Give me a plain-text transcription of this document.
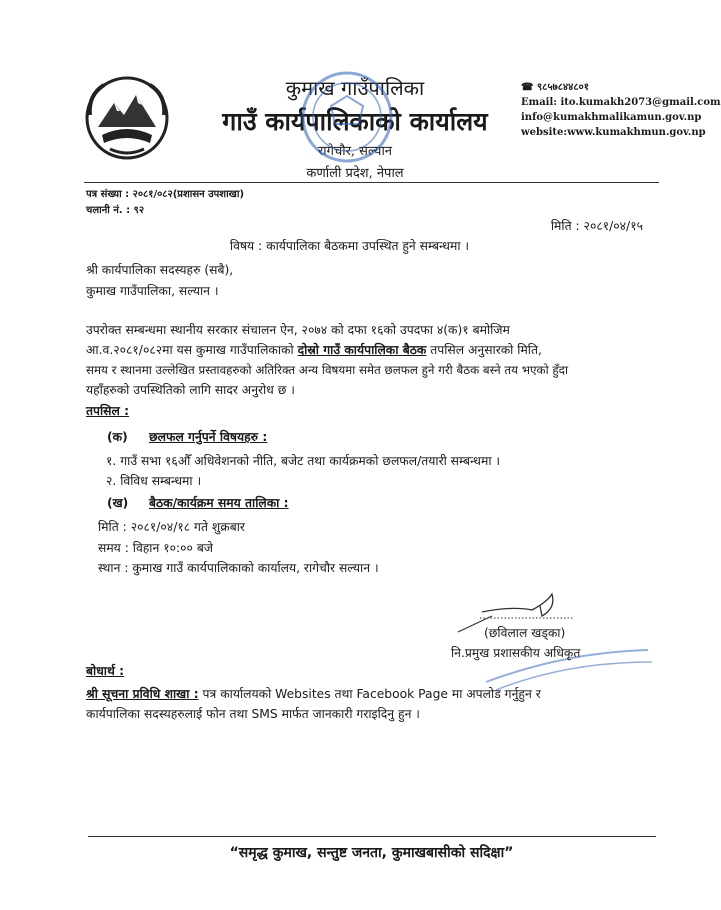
कुमाख गाउँपालिका
गाउँ कार्यपालिकाको कार्यालय
रागेचौर, सल्यान
कर्णाली प्रदेश, नेपाल
☎ ९८५७८४४८०१
Email: ito.kumakh2073@gmail.com
info@kumakhmalikamun.gov.np
website:www.kumakhmun.gov.np
पत्र संख्या : २०८१/०८२(प्रशासन उपशाखा)
चलानी नं. : ९२
मिति : २०८१/०४/१५
विषय : कार्यपालिका बैठकमा उपस्थित हुने सम्बन्धमा ।
श्री कार्यपालिका सदस्यहरु (सबै),
कुमाख गाउँपालिका, सल्यान ।
उपरोक्त सम्बन्धमा स्थानीय सरकार संचालन ऐन, २०७४ को दफा १६को उपदफा ४(क)१ बमोजिम
आ.व.२०८१/०८२मा यस कुमाख गाउँपालिकाको दोस्रो गाउँ कार्यपालिका बैठक तपसिल अनुसारको मिति,
समय र स्थानमा उल्लेखित प्रस्तावहरुको अतिरिक्त अन्य विषयमा समेत छलफल हुने गरी बैठक बस्ने तय भएको हुँदा
यहाँहरुको उपस्थितिको लागि सादर अनुरोध छ ।
तपसिल :
(क) छलफल गर्नुपर्ने विषयहरु :
१. गाउँ सभा १६औँ अधिवेशनको नीति, बजेट तथा कार्यक्रमको छलफल/तयारी सम्बन्धमा ।
२. विविध सम्बन्धमा ।
(ख) बैठक/कार्यक्रम समय तालिका :
मिति : २०८१/०४/१८ गते शुक्रबार
समय : विहान १०:०० बजे
स्थान : कुमाख गाउँ कार्यपालिकाको कार्यालय, रागेचौर सल्यान ।
(छविलाल खड्का)
नि.प्रमुख प्रशासकीय अधिकृत
बोधार्थ :
श्री सूचना प्रविधि शाखा : पत्र कार्यालयको Websites तथा Facebook Page मा अपलोड गर्नुहुन र
कार्यपालिका सदस्यहरुलाई फोन तथा SMS मार्फत जानकारी गराइदिनु हुन ।
“समृद्ध कुमाख, सन्तुष्ट जनता, कुमाखबासीको सदिक्षा”
